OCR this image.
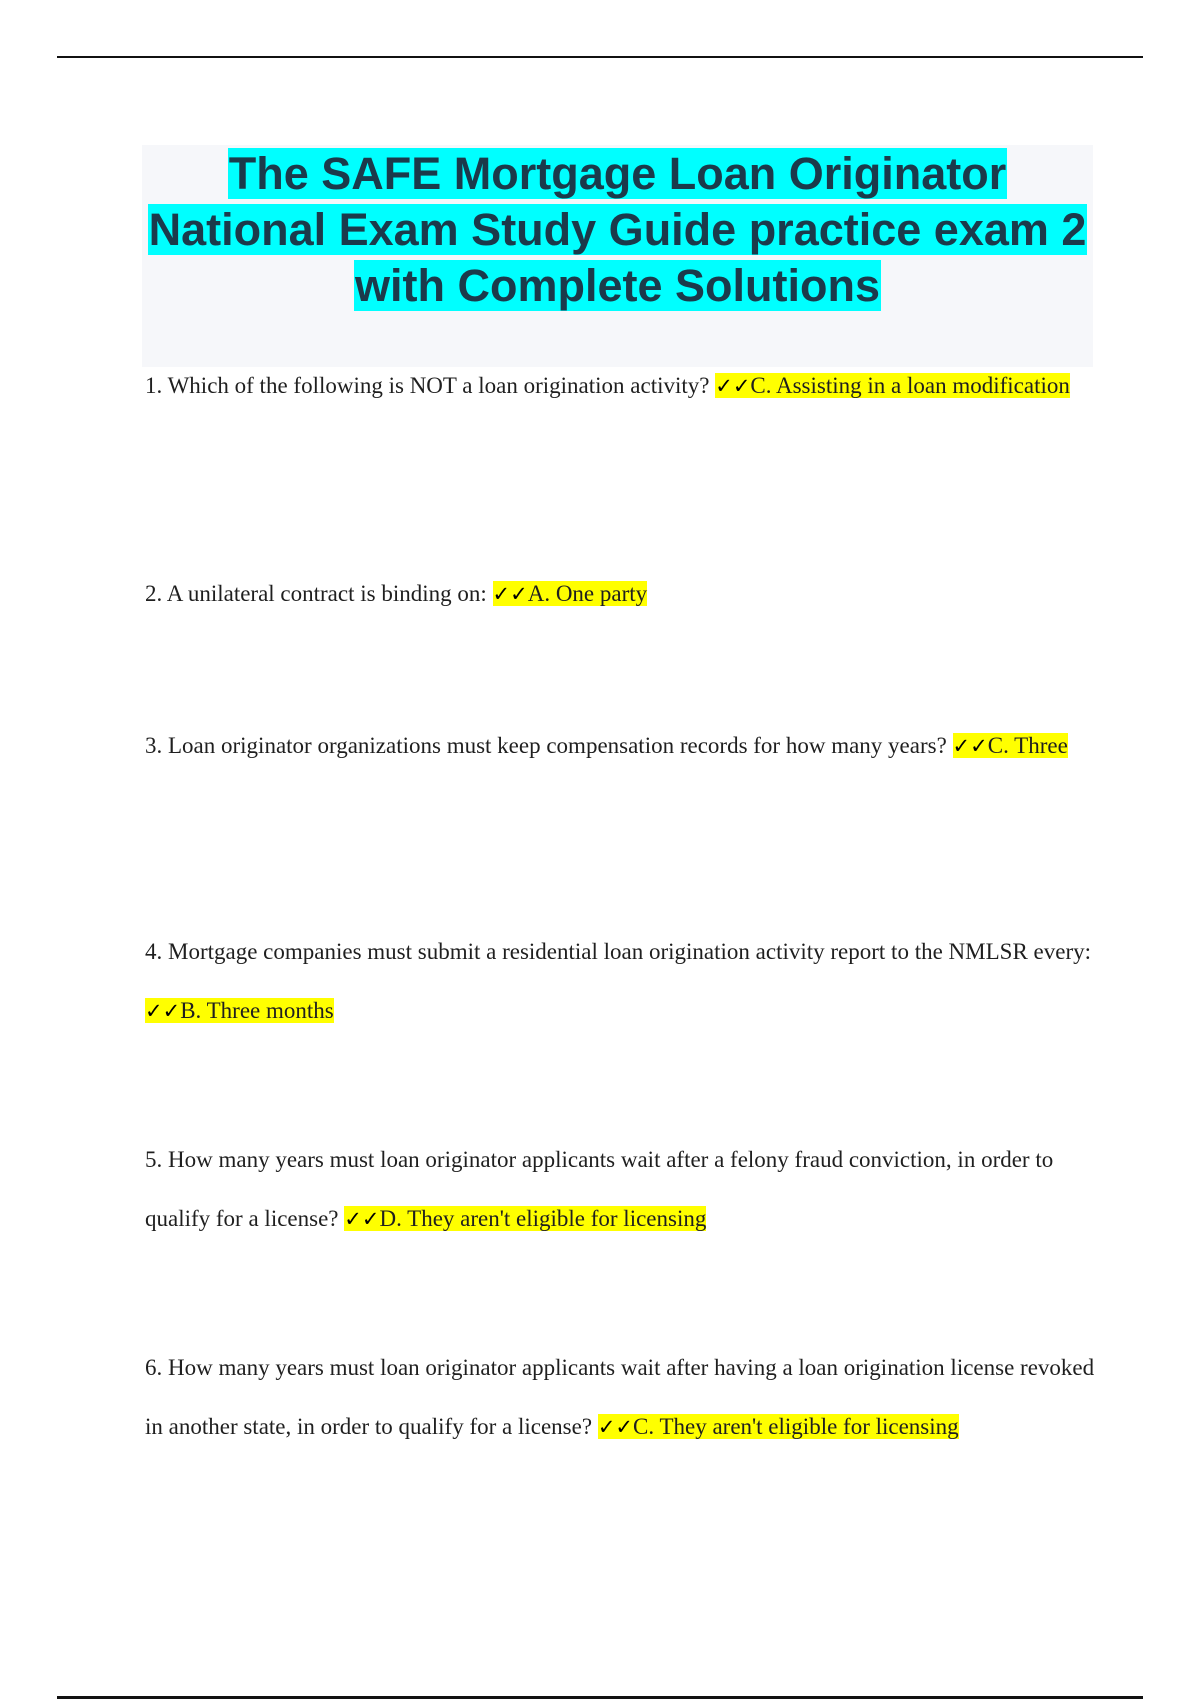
The SAFE Mortgage Loan Originator National Exam Study Guide practice exam 2 with Complete Solutions
1. Which of the following is NOT a loan origination activity? ✓✓C. Assisting in a loan modification
2. A unilateral contract is binding on: ✓✓A. One party
3. Loan originator organizations must keep compensation records for how many years? ✓✓C. Three
4. Mortgage companies must submit a residential loan origination activity report to the NMLSR every: ✓✓B. Three months
5. How many years must loan originator applicants wait after a felony fraud conviction, in order to qualify for a license? ✓✓D. They aren't eligible for licensing
6. How many years must loan originator applicants wait after having a loan origination license revoked in another state, in order to qualify for a license? ✓✓C. They aren't eligible for licensing
